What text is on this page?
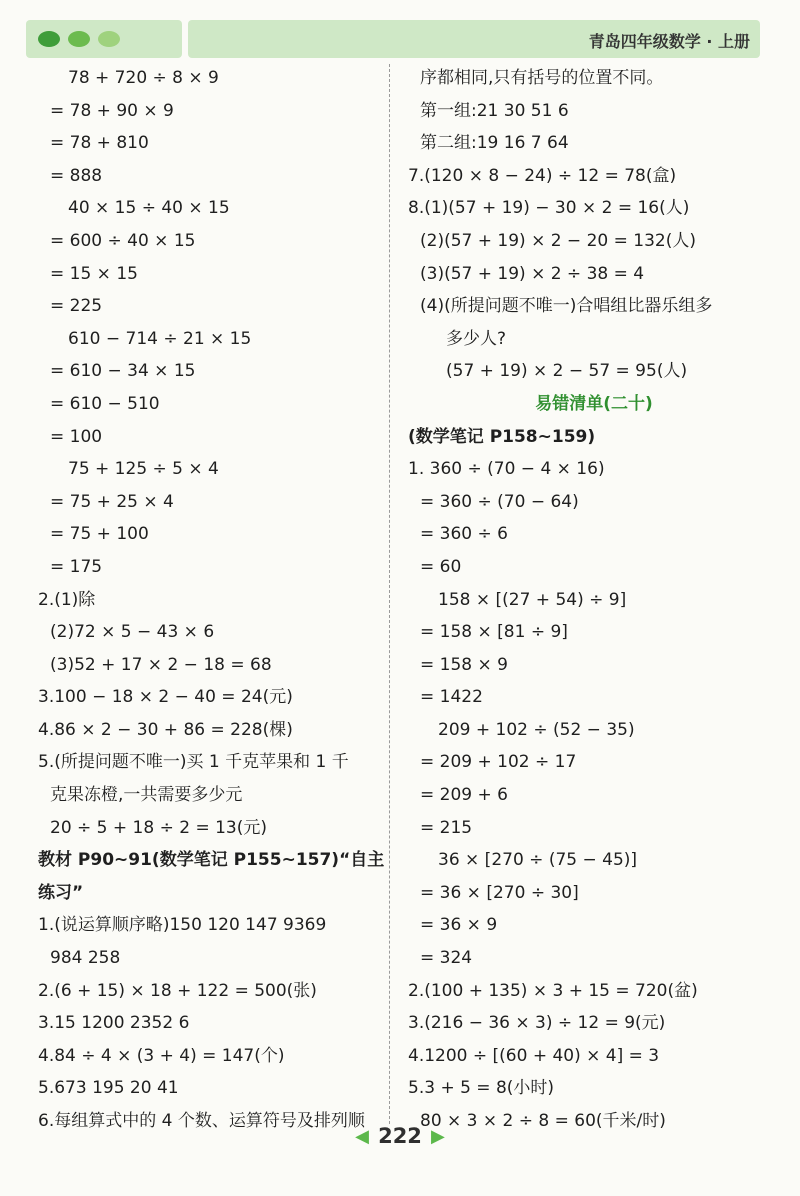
青岛四年级数学 · 上册
78 + 720 ÷ 8 × 9
= 78 + 90 × 9
= 78 + 810
= 888
40 × 15 ÷ 40 × 15
= 600 ÷ 40 × 15
= 15 × 15
= 225
610 − 714 ÷ 21 × 15
= 610 − 34 × 15
= 610 − 510
= 100
75 + 125 ÷ 5 × 4
= 75 + 25 × 4
= 75 + 100
= 175
2.(1)除
(2)72 × 5 − 43 × 6
(3)52 + 17 × 2 − 18 = 68
3.100 − 18 × 2 − 40 = 24(元)
4.86 × 2 − 30 + 86 = 228(棵)
5.(所提问题不唯一)买 1 千克苹果和 1 千
克果冻橙,一共需要多少元
20 ÷ 5 + 18 ÷ 2 = 13(元)
教材 P90~91(数学笔记 P155~157)“自主
练习”
1.(说运算顺序略)150 120 147 9369
984 258
2.(6 + 15) × 18 + 122 = 500(张)
3.15 1200 2352 6
4.84 ÷ 4 × (3 + 4) = 147(个)
5.673 195 20 41
6.每组算式中的 4 个数、运算符号及排列顺
序都相同,只有括号的位置不同。
第一组:21 30 51 6
第二组:19 16 7 64
7.(120 × 8 − 24) ÷ 12 = 78(盒)
8.(1)(57 + 19) − 30 × 2 = 16(人)
(2)(57 + 19) × 2 − 20 = 132(人)
(3)(57 + 19) × 2 ÷ 38 = 4
(4)(所提问题不唯一)合唱组比器乐组多
多少人?
(57 + 19) × 2 − 57 = 95(人)
易错清单(二十)
(数学笔记 P158~159)
1. 360 ÷ (70 − 4 × 16)
= 360 ÷ (70 − 64)
= 360 ÷ 6
= 60
158 × [(27 + 54) ÷ 9]
= 158 × [81 ÷ 9]
= 158 × 9
= 1422
209 + 102 ÷ (52 − 35)
= 209 + 102 ÷ 17
= 209 + 6
= 215
36 × [270 ÷ (75 − 45)]
= 36 × [270 ÷ 30]
= 36 × 9
= 324
2.(100 + 135) × 3 + 15 = 720(盆)
3.(216 − 36 × 3) ÷ 12 = 9(元)
4.1200 ÷ [(60 + 40) × 4] = 3
5.3 + 5 = 8(小时)
80 × 3 × 2 ÷ 8 = 60(千米/时)
◀ 222 ▶
